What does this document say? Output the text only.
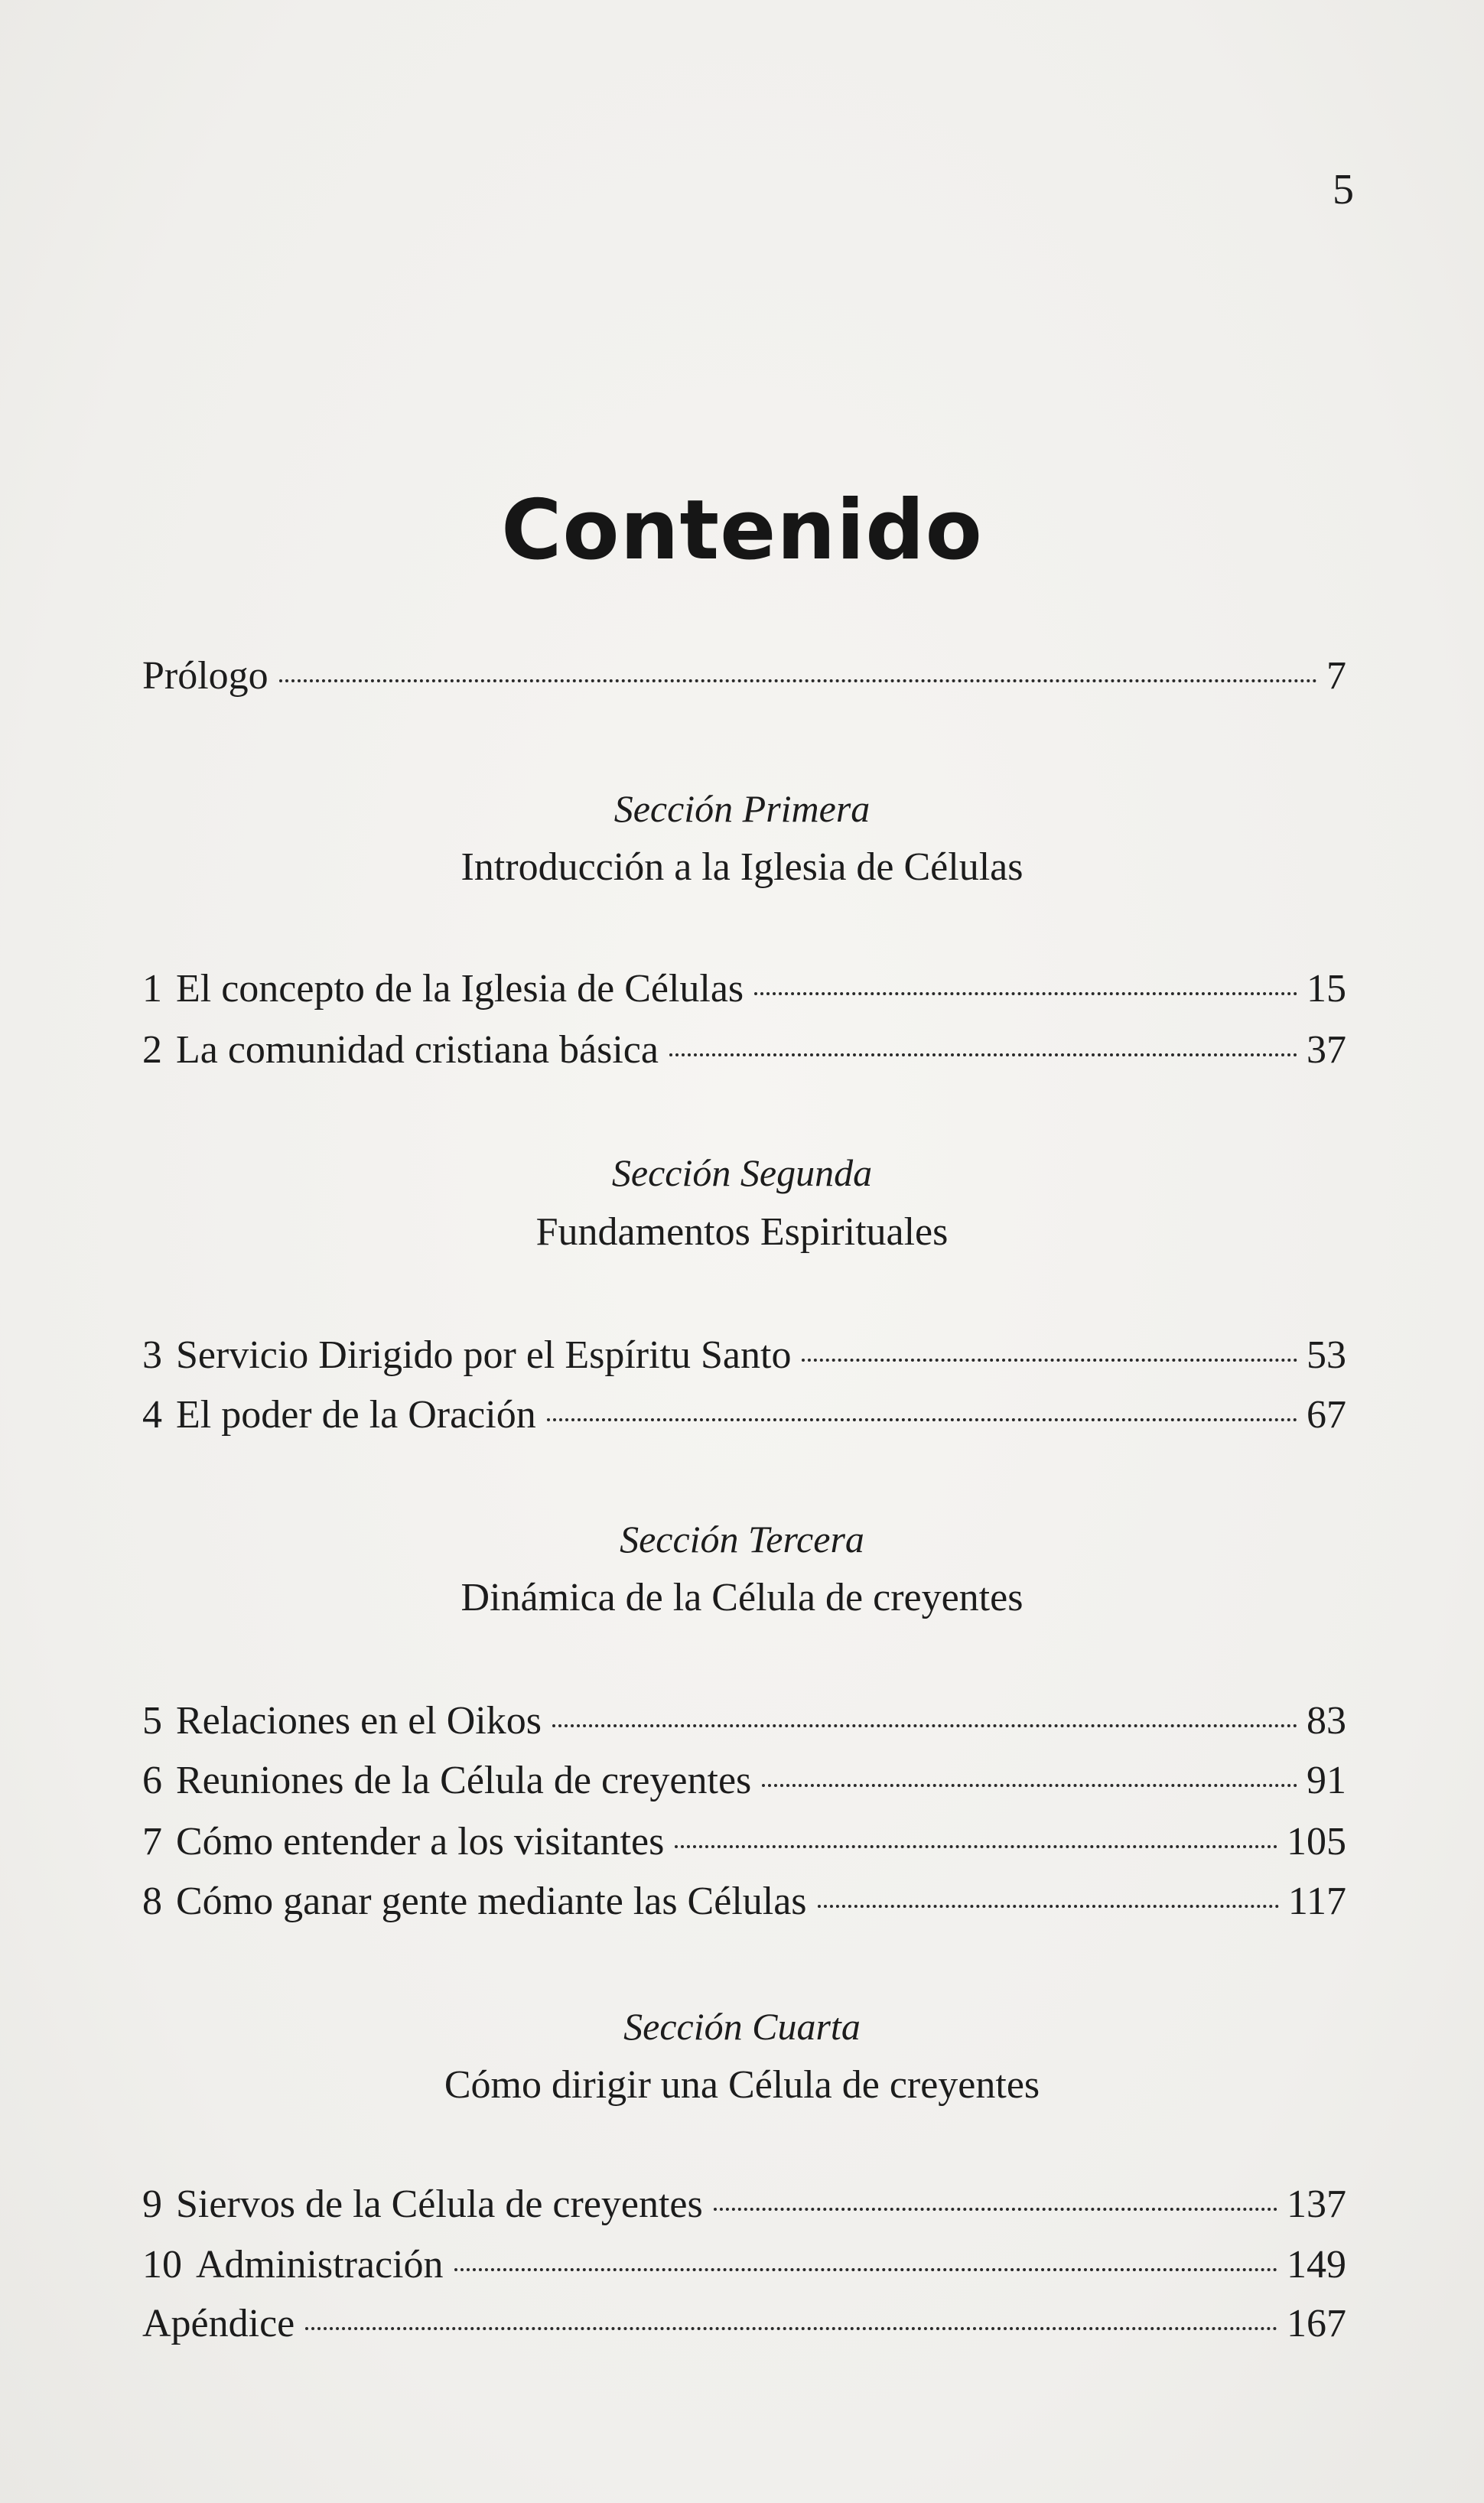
5
Contenido
Prólogo	7
Sección Primera
Introducción a la Iglesia de Células
1 El concepto de la Iglesia de Células	15
2 La comunidad cristiana básica	37
Sección Segunda
Fundamentos Espirituales
3 Servicio Dirigido por el Espíritu Santo	53
4 El poder de la Oración	67
Sección Tercera
Dinámica de la Célula de creyentes
5 Relaciones en el Oikos	83
6 Reuniones de la Célula de creyentes	91
7 Cómo entender a los visitantes	105
8 Cómo ganar gente mediante las Células	117
Sección Cuarta
Cómo dirigir una Célula de creyentes
9 Siervos de la Célula de creyentes	137
10 Administración	149
Apéndice	167
